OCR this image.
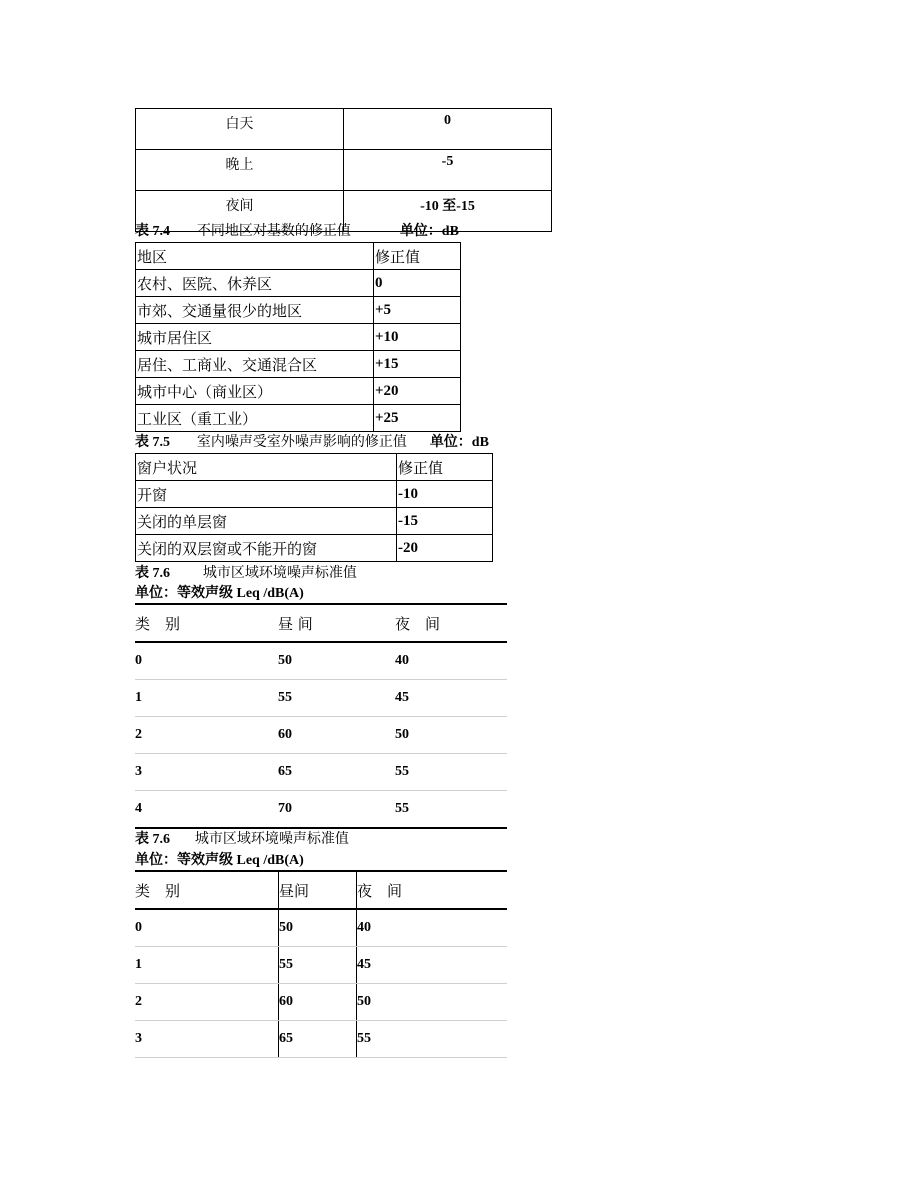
白天	0
晚上	-5
夜间	-10 至-15
表 7.4 不同地区对基数的修正值	单位：dB
地区	修正值
农村、医院、休养区	0
市郊、交通量很少的地区	+5
城市居住区	+10
居住、工商业、交通混合区	+15
城市中心（商业区）	+20
工业区（重工业）	+25
表 7.5 室内噪声受室外噪声影响的修正值 单位：dB
窗户状况	修正值
开窗	-10
关闭的单层窗	-15
关闭的双层窗或不能开的窗	-20
表 7.6 城市区域环境噪声标准值
单位：等效声级 Leq /dB(A)
类　别	昼 间	夜　间
0	50	40
1	55	45
2	60	50
3	65	55
4	70	55
表 7.6 城市区域环境噪声标准值
单位：等效声级 Leq /dB(A)
类　别	昼间	夜　间
0	50	40
1	55	45
2	60	50
3	65	55
